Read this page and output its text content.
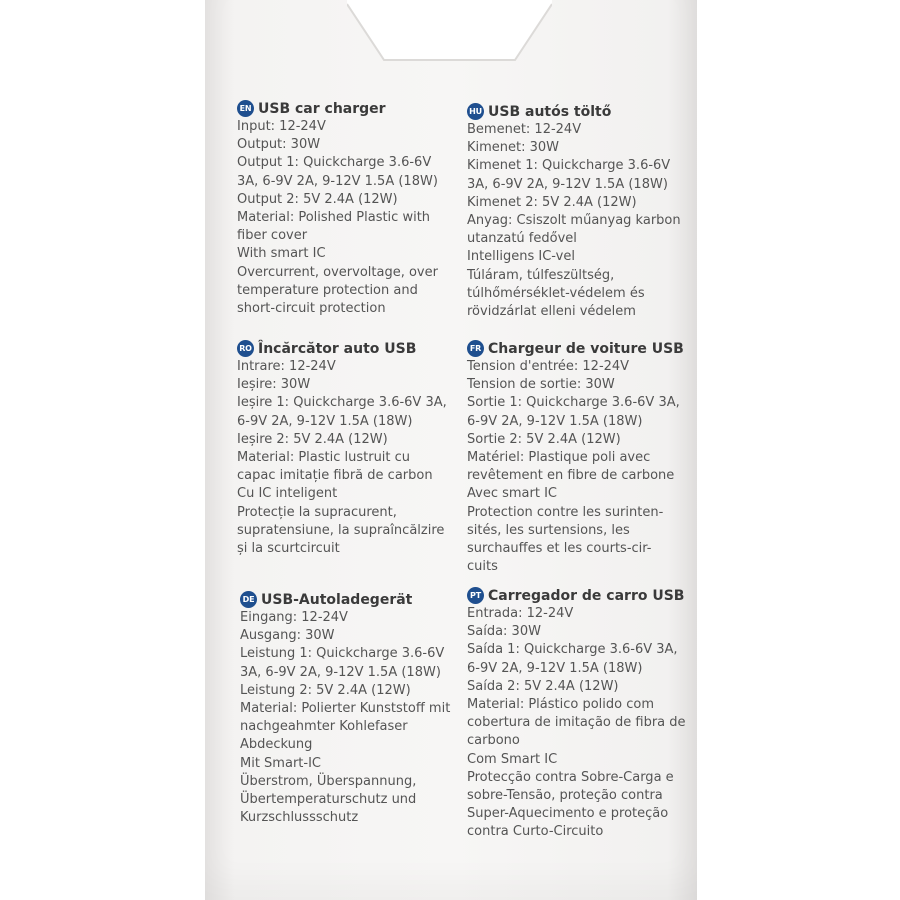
EN USB car charger
Input: 12-24V
Output: 30W
Output 1: Quickcharge 3.6-6V
3A, 6-9V 2A, 9-12V 1.5A (18W)
Output 2: 5V 2.4A (12W)
Material: Polished Plastic with
fiber cover
With smart IC
Overcurrent, overvoltage, over
temperature protection and
short-circuit protection
HU USB autós töltő
Bemenet: 12-24V
Kimenet: 30W
Kimenet 1: Quickcharge 3.6-6V
3A, 6-9V 2A, 9-12V 1.5A (18W)
Kimenet 2: 5V 2.4A (12W)
Anyag: Csiszolt műanyag karbon
utanzatú fedővel
Intelligens IC-vel
Túláram, túlfeszültség,
túlhőmérséklet-védelem és
rövidzárlat elleni védelem
RO Încărcător auto USB
Intrare: 12-24V
Ieșire: 30W
Ieșire 1: Quickcharge 3.6-6V 3A,
6-9V 2A, 9-12V 1.5A (18W)
Ieșire 2: 5V 2.4A (12W)
Material: Plastic lustruit cu
capac imitație fibră de carbon
Cu IC inteligent
Protecție la supracurent,
supratensiune, la supraîncălzire
și la scurtcircuit
FR Chargeur de voiture USB
Tension d'entrée: 12-24V
Tension de sortie: 30W
Sortie 1: Quickcharge 3.6-6V 3A,
6-9V 2A, 9-12V 1.5A (18W)
Sortie 2: 5V 2.4A (12W)
Matériel: Plastique poli avec
revêtement en fibre de carbone
Avec smart IC
Protection contre les surinten-
sités, les surtensions, les
surchauffes et les courts-cir-
cuits
DE USB-Autoladegerät
Eingang: 12-24V
Ausgang: 30W
Leistung 1: Quickcharge 3.6-6V
3A, 6-9V 2A, 9-12V 1.5A (18W)
Leistung 2: 5V 2.4A (12W)
Material: Polierter Kunststoff mit
nachgeahmter Kohlefaser
Abdeckung
Mit Smart-IC
Überstrom, Überspannung,
Übertemperaturschutz und
Kurzschlussschutz
PT Carregador de carro USB
Entrada: 12-24V
Saída: 30W
Saída 1: Quickcharge 3.6-6V 3A,
6-9V 2A, 9-12V 1.5A (18W)
Saída 2: 5V 2.4A (12W)
Material: Plástico polido com
cobertura de imitação de fibra de
carbono
Com Smart IC
Protecção contra Sobre-Carga e
sobre-Tensão, proteção contra
Super-Aquecimento e proteção
contra Curto-Circuito
